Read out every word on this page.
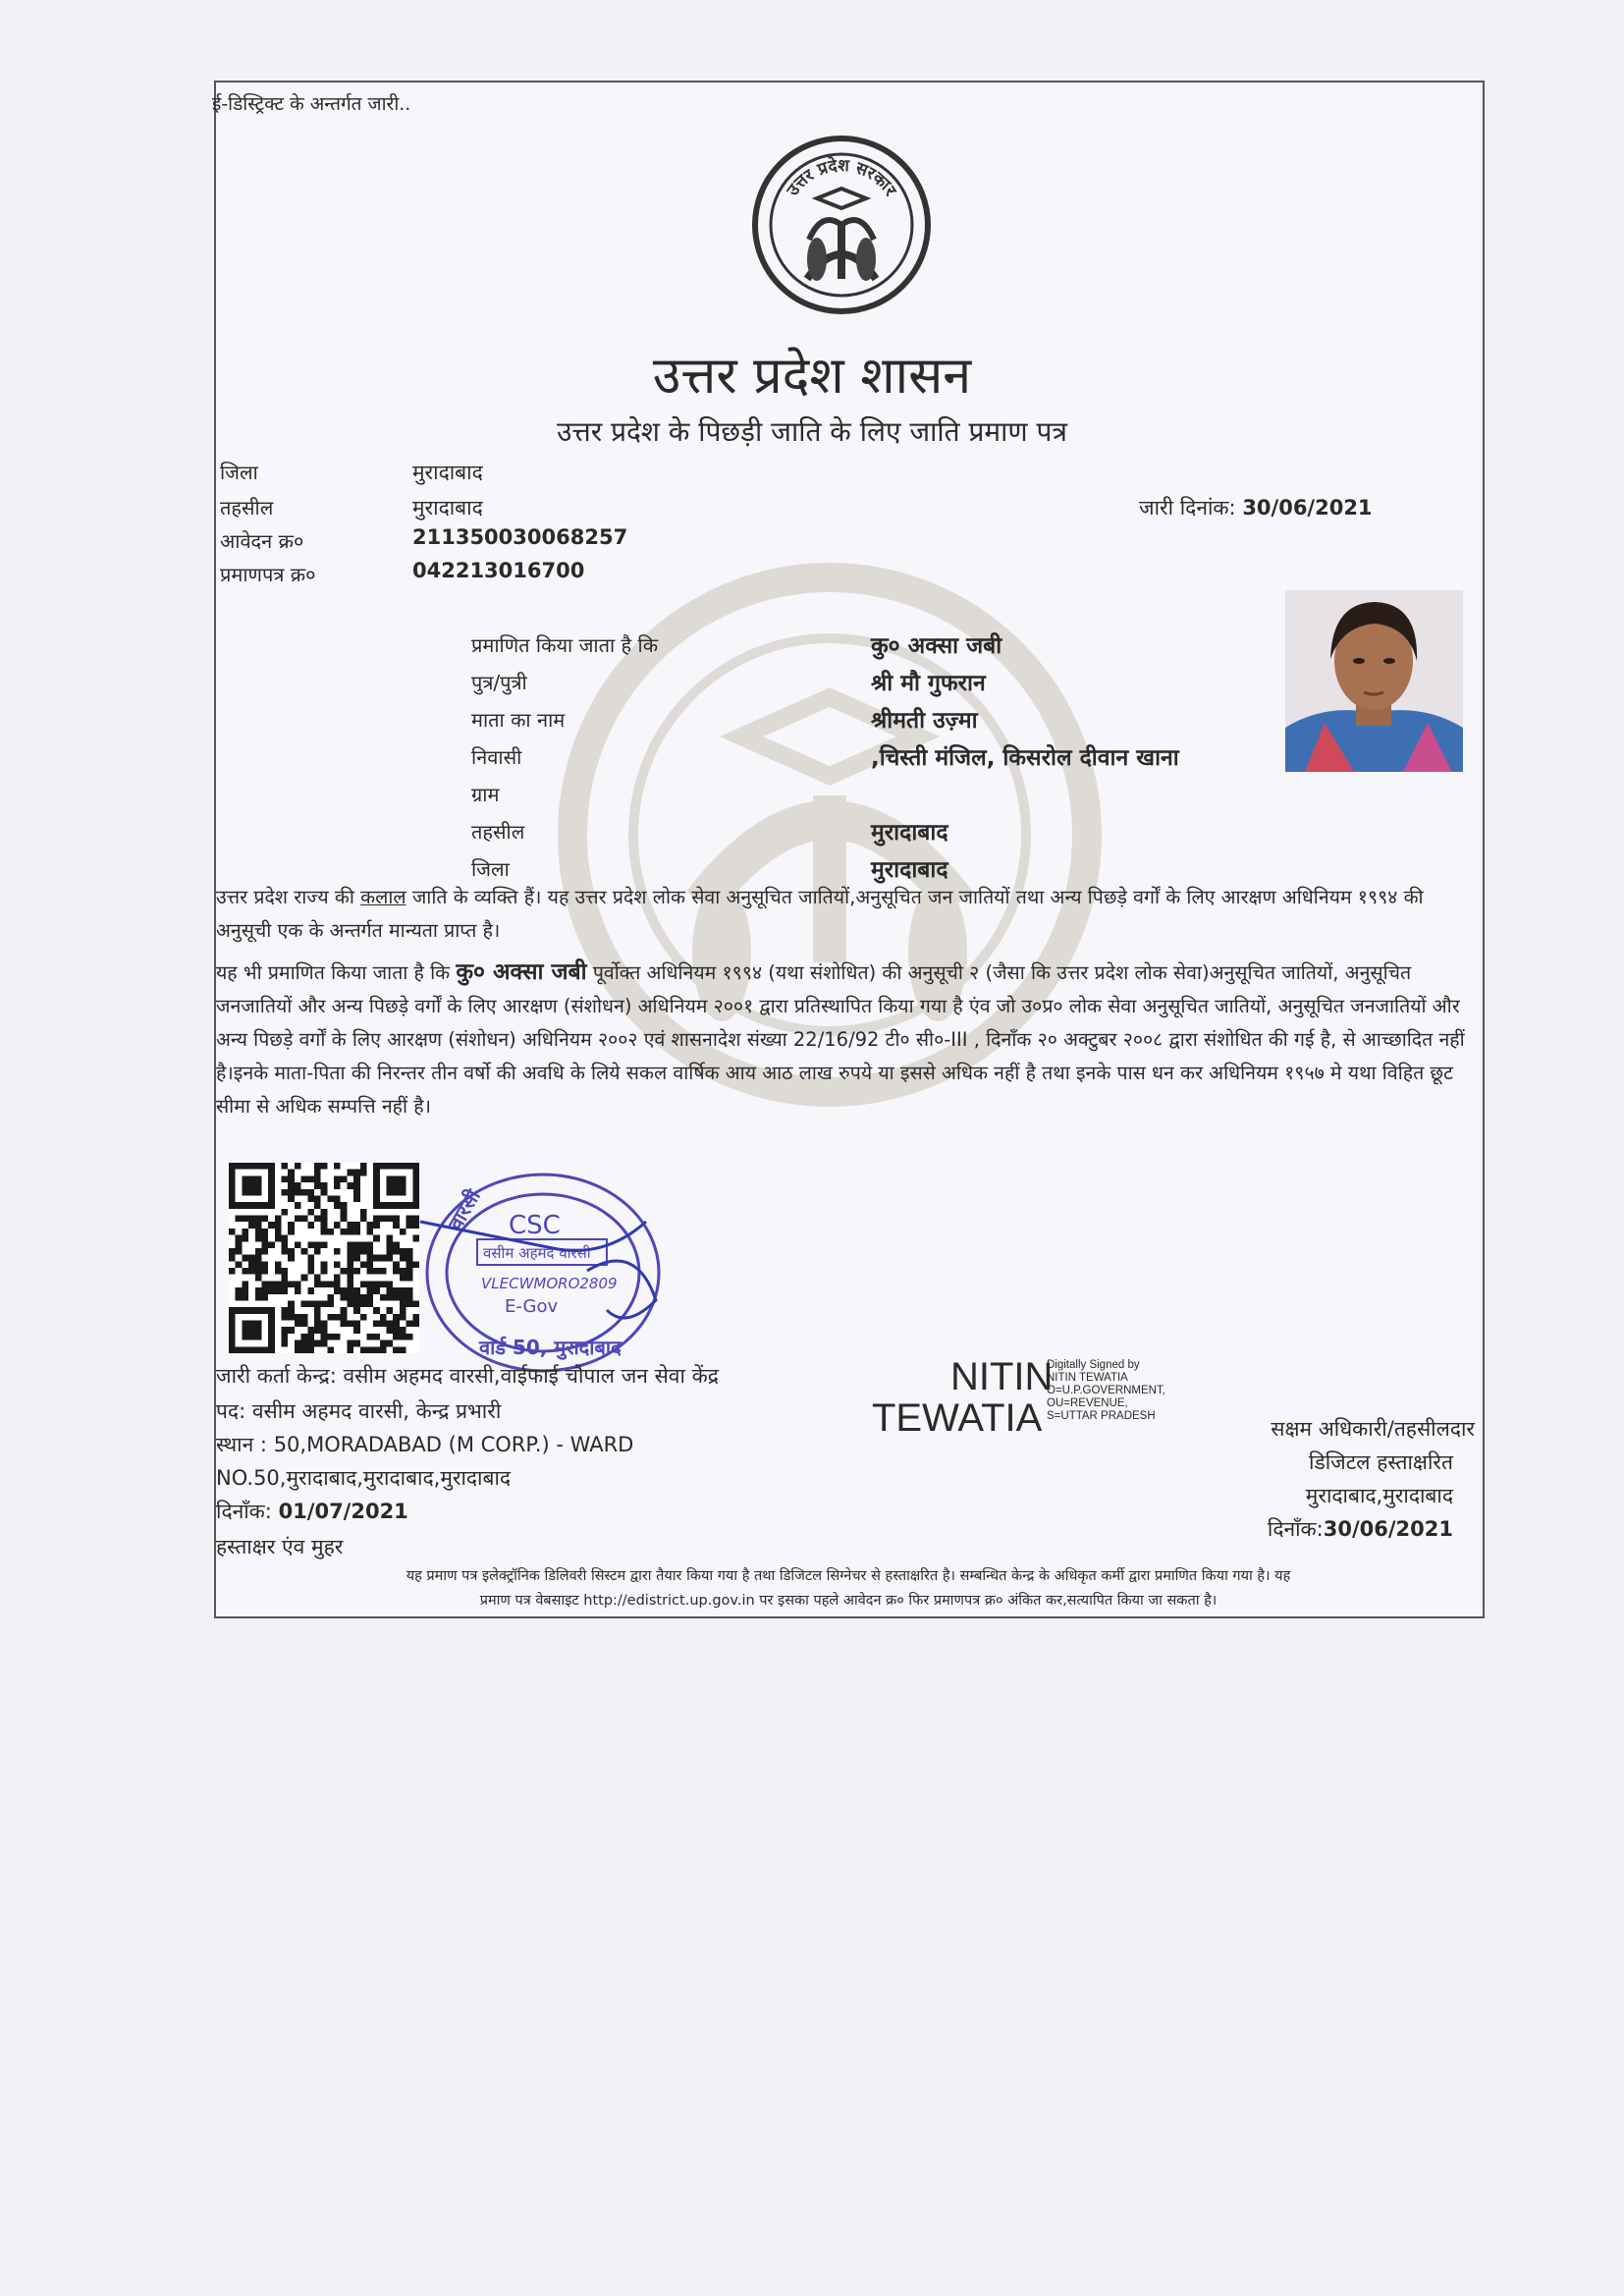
ई-डिस्ट्रिक्ट के अन्तर्गत जारी..
उत्तर प्रदेश सरकार
उत्तर प्रदेश शासन
उत्तर प्रदेश के पिछड़ी जाति के लिए जाति प्रमाण पत्र
जिला	मुरादाबाद
तहसील	मुरादाबाद
आवेदन क्र०	211350030068257
प्रमाणपत्र क्र०	042213016700
जारी दिनांक: 30/06/2021
प्रमाणित किया जाता है कि	कु० अक्सा जबी
पुत्र/पुत्री	श्री मौ गुफरान
माता का नाम	श्रीमती उज़्मा
निवासी	,चिस्ती मंजिल, किसरोल दीवान खाना
ग्राम
तहसील	मुरादाबाद
जिला	मुरादाबाद

उत्तर प्रदेश राज्य की कलाल जाति के व्यक्ति हैं। यह उत्तर प्रदेश लोक सेवा अनुसूचित जातियों,अनुसूचित जन जातियों तथा अन्य पिछड़े वर्गों के लिए आरक्षण अधिनियम १९९४ की अनुसूची एक के अन्तर्गत मान्यता प्राप्त है।

यह भी प्रमाणित किया जाता है कि कु० अक्सा जबी पूर्वोक्त अधिनियम १९९४ (यथा संशोधित) की अनुसूची २ (जैसा कि उत्तर प्रदेश लोक सेवा)अनुसूचित जातियों, अनुसूचित जनजातियों और अन्य पिछड़े वर्गों के लिए आरक्षण (संशोधन) अधिनियम २००१ द्वारा प्रतिस्थापित किया गया है एंव जो उ०प्र० लोक सेवा अनुसूचित जातियों, अनुसूचित जनजातियों और अन्य पिछड़े वर्गों के लिए आरक्षण (संशोधन) अधिनियम २००२ एवं शासनादेश संख्या 22/16/92 टी० सी०-III , दिनाँक २० अक्टुबर २००८ द्वारा संशोधित की गई है, से आच्छादित नहीं है।इनके माता-पिता की निरन्तर तीन वर्षो की अवधि के लिये सकल वार्षिक आय आठ लाख रुपये या इससे अधिक नहीं है तथा इनके पास धन कर अधिनियम १९५७ मे यथा विहित छूट सीमा से अधिक सम्पत्ति नहीं है।

वारसी CSC
वसीम अहमद वारसी
VLECWMORO2809
E-Gov
वार्ड 50, मुरादाबाद
जारी कर्ता केन्द्र: वसीम अहमद वारसी,वाईफाई चौपाल जन सेवा केंद्र
पद: वसीम अहमद वारसी, केन्द्र प्रभारी
स्थान : 50,MORADABAD (M CORP.) - WARD
NO.50,मुरादाबाद,मुरादाबाद,मुरादाबाद
दिनाँक: 01/07/2021
हस्ताक्षर एंव मुहर
NITIN
TEWATIA
Digitally Signed by
NITIN TEWATIA
O=U.P.GOVERNMENT,
OU=REVENUE,
S=UTTAR PRADESH
सक्षम अधिकारी/तहसीलदार
डिजिटल हस्ताक्षरित
मुरादाबाद,मुरादाबाद
दिनाँक:30/06/2021
यह प्रमाण पत्र इलेक्ट्रॉनिक डिलिवरी सिस्टम द्वारा तैयार किया गया है तथा डिजिटल सिग्नेचर से हस्ताक्षरित है। सम्बन्धित केन्द्र के अधिकृत कर्मी द्वारा प्रमाणित किया गया है। यह
प्रमाण पत्र वेबसाइट http://edistrict.up.gov.in पर इसका पहले आवेदन क्र० फिर प्रमाणपत्र क्र० अंकित कर,सत्यापित किया जा सकता है।
